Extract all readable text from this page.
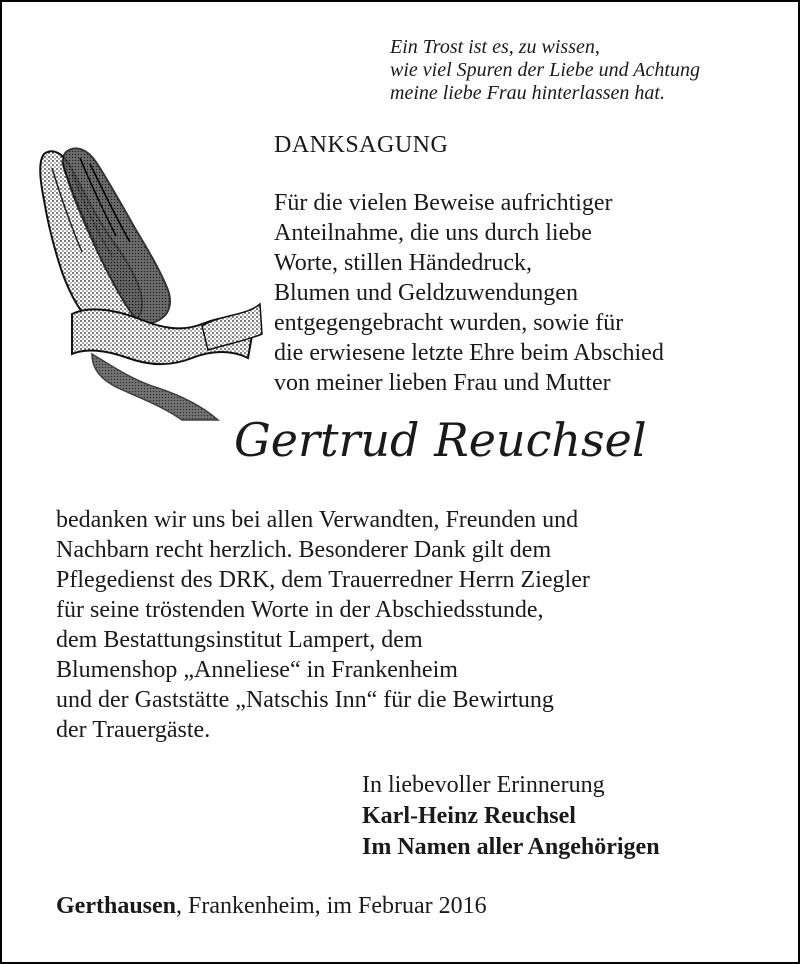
Ein Trost ist es, zu wissen,
wie viel Spuren der Liebe und Achtung
meine liebe Frau hinterlassen hat.
DANKSAGUNG
Für die vielen Beweise aufrichtiger
Anteilnahme, die uns durch liebe
Worte, stillen Händedruck,
Blumen und Geldzuwendungen
entgegengebracht wurden, sowie für
die erwiesene letzte Ehre beim Abschied
von meiner lieben Frau und Mutter
Gertrud Reuchsel
bedanken wir uns bei allen Verwandten, Freunden und
Nachbarn recht herzlich. Besonderer Dank gilt dem
Pflegedienst des DRK, dem Trauerredner Herrn Ziegler
für seine tröstenden Worte in der Abschiedsstunde,
dem Bestattungsinstitut Lampert, dem
Blumenshop „Anneliese“ in Frankenheim
und der Gaststätte „Natschis Inn“ für die Bewirtung
der Trauergäste.
In liebevoller Erinnerung
Karl-Heinz Reuchsel
Im Namen aller Angehörigen
Gerthausen, Frankenheim, im Februar 2016
